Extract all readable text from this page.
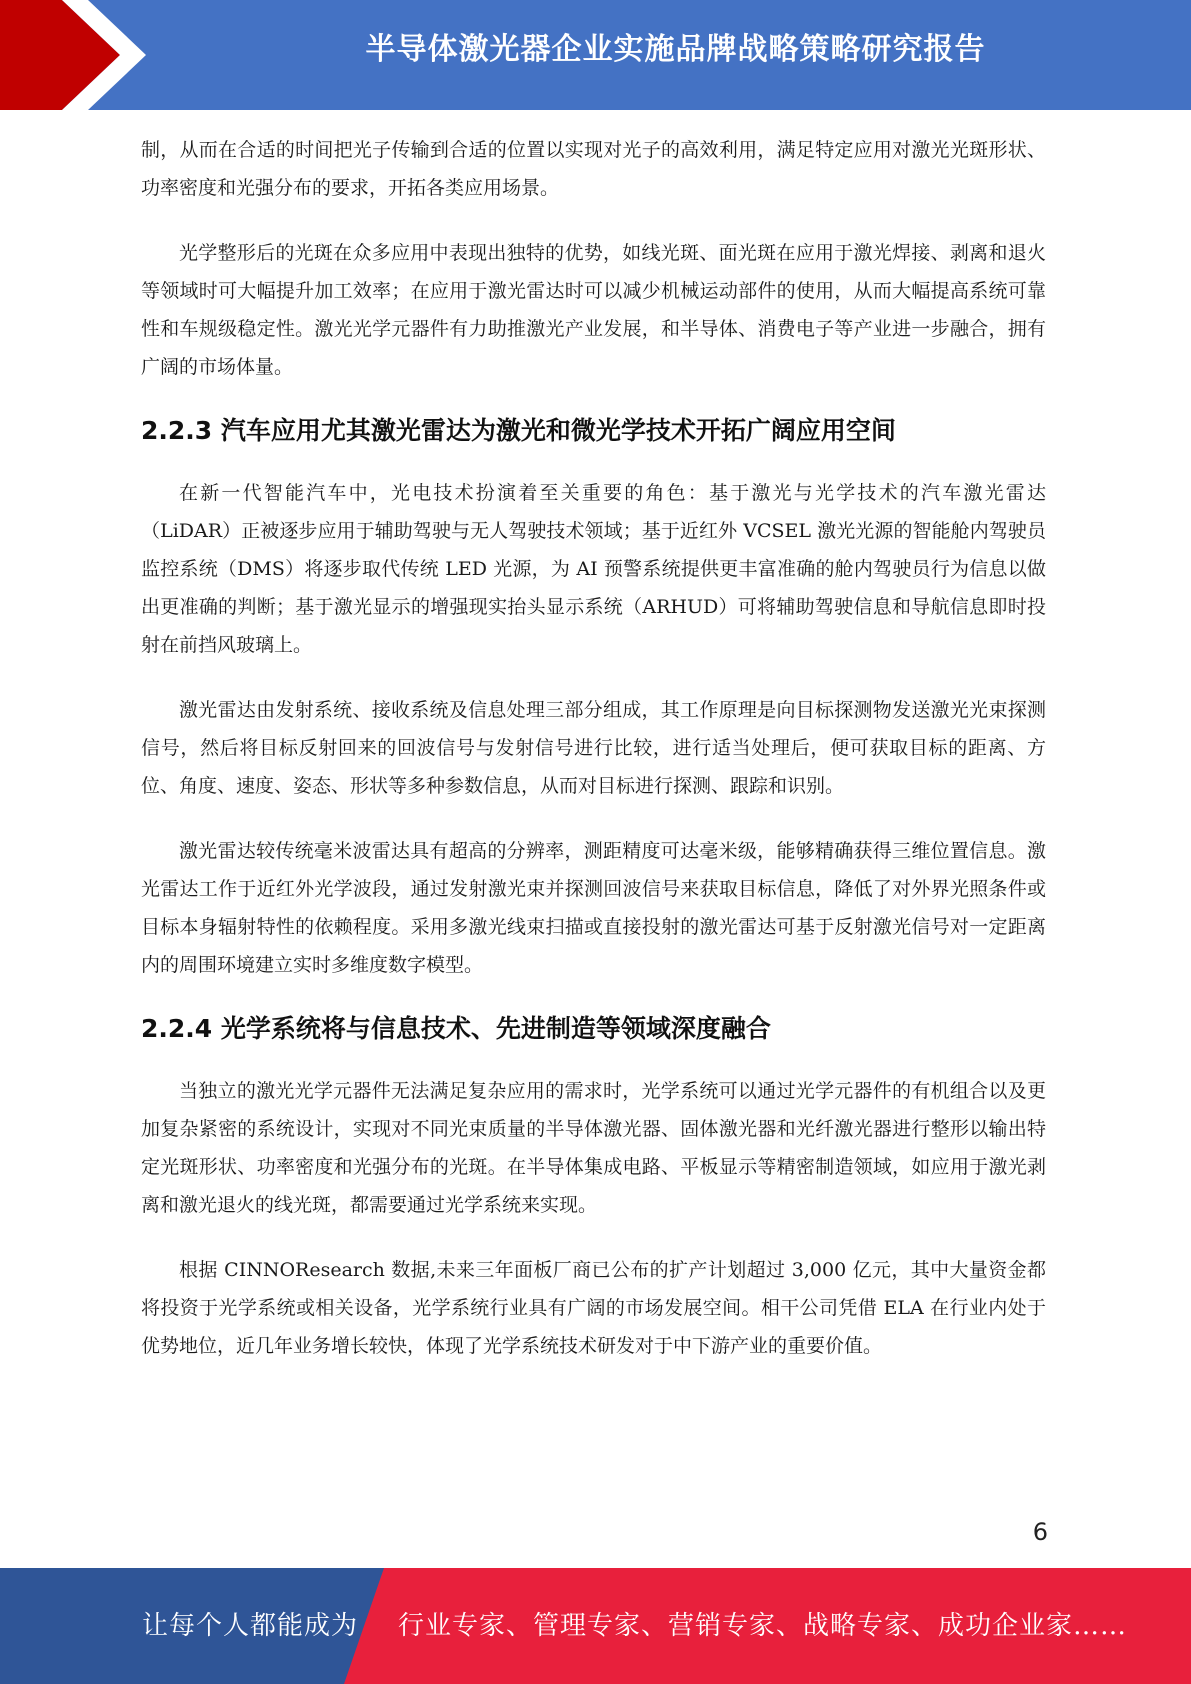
半导体激光器企业实施品牌战略策略研究报告

制，从而在合适的时间把光子传输到合适的位置以实现对光子的高效利用，满足特定应用对激光光斑形状、功率密度和光强分布的要求，开拓各类应用场景。

光学整形后的光斑在众多应用中表现出独特的优势，如线光斑、面光斑在应用于激光焊接、剥离和退火等领域时可大幅提升加工效率；在应用于激光雷达时可以减少机械运动部件的使用，从而大幅提高系统可靠性和车规级稳定性。激光光学元器件有力助推激光产业发展，和半导体、消费电子等产业进一步融合，拥有广阔的市场体量。

2.2.3 汽车应用尤其激光雷达为激光和微光学技术开拓广阔应用空间

在新一代智能汽车中，光电技术扮演着至关重要的角色：基于激光与光学技术的汽车激光雷达（LiDAR）正被逐步应用于辅助驾驶与无人驾驶技术领域；基于近红外 VCSEL 激光光源的智能舱内驾驶员监控系统（DMS）将逐步取代传统 LED 光源，为 AI 预警系统提供更丰富准确的舱内驾驶员行为信息以做出更准确的判断；基于激光显示的增强现实抬头显示系统（ARHUD）可将辅助驾驶信息和导航信息即时投射在前挡风玻璃上。

激光雷达由发射系统、接收系统及信息处理三部分组成，其工作原理是向目标探测物发送激光光束探测信号，然后将目标反射回来的回波信号与发射信号进行比较，进行适当处理后，便可获取目标的距离、方位、角度、速度、姿态、形状等多种参数信息，从而对目标进行探测、跟踪和识别。

激光雷达较传统毫米波雷达具有超高的分辨率，测距精度可达毫米级，能够精确获得三维位置信息。激光雷达工作于近红外光学波段，通过发射激光束并探测回波信号来获取目标信息，降低了对外界光照条件或目标本身辐射特性的依赖程度。采用多激光线束扫描或直接投射的激光雷达可基于反射激光信号对一定距离内的周围环境建立实时多维度数字模型。

2.2.4 光学系统将与信息技术、先进制造等领域深度融合

当独立的激光光学元器件无法满足复杂应用的需求时，光学系统可以通过光学元器件的有机组合以及更加复杂紧密的系统设计，实现对不同光束质量的半导体激光器、固体激光器和光纤激光器进行整形以输出特定光斑形状、功率密度和光强分布的光斑。在半导体集成电路、平板显示等精密制造领域，如应用于激光剥离和激光退火的线光斑，都需要通过光学系统来实现。

根据 CINNOResearch 数据,未来三年面板厂商已公布的扩产计划超过 3,000 亿元，其中大量资金都将投资于光学系统或相关设备，光学系统行业具有广阔的市场发展空间。相干公司凭借 ELA 在行业内处于优势地位，近几年业务增长较快，体现了光学系统技术研发对于中下游产业的重要价值。

6
让每个人都能成为 行业专家、管理专家、营销专家、战略专家、成功企业家……
